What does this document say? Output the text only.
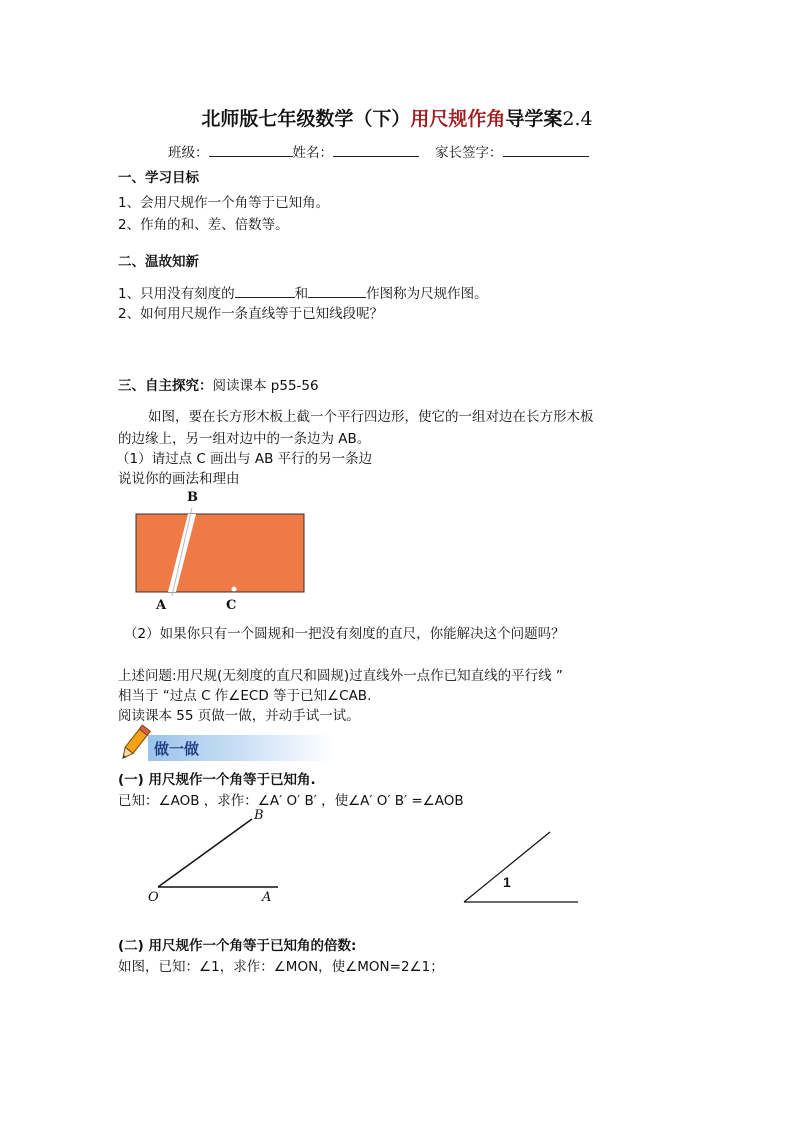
北师版七年级数学（下）用尺规作角导学案2.4
班级：	姓名：	家长签字：
一、学习目标
1、会用尺规作一个角等于已知角。
2、作角的和、差、倍数等。
二、温故知新
1、只用没有刻度的	和	作图称为尺规作图。
2、如何用尺规作一条直线等于已知线段呢？
三、自主探究：阅读课本 p55-56
如图，要在长方形木板上截一个平行四边形，使它的一组对边在长方形木板
的边缘上，另一组对边中的一条边为 AB。
（1）请过点 C 画出与 AB 平行的另一条边
说说你的画法和理由
B
A	C
（2）如果你只有一个圆规和一把没有刻度的直尺，你能解决这个问题吗？
上述问题:用尺规(无刻度的直尺和圆规)过直线外一点作已知直线的平行线 ”
相当于 “过点 C 作∠ECD 等于已知∠CAB.
阅读课本 55 页做一做，并动手试一试。
做一做
(一) 用尺规作一个角等于已知角.
已知：∠AOB ，求作：∠A′ O′ B′ ，使∠A′ O′ B′ =∠AOB
B
O	A
1
(二) 用尺规作一个角等于已知角的倍数:
如图，已知：∠1，求作：∠MON，使∠MON=2∠1；
